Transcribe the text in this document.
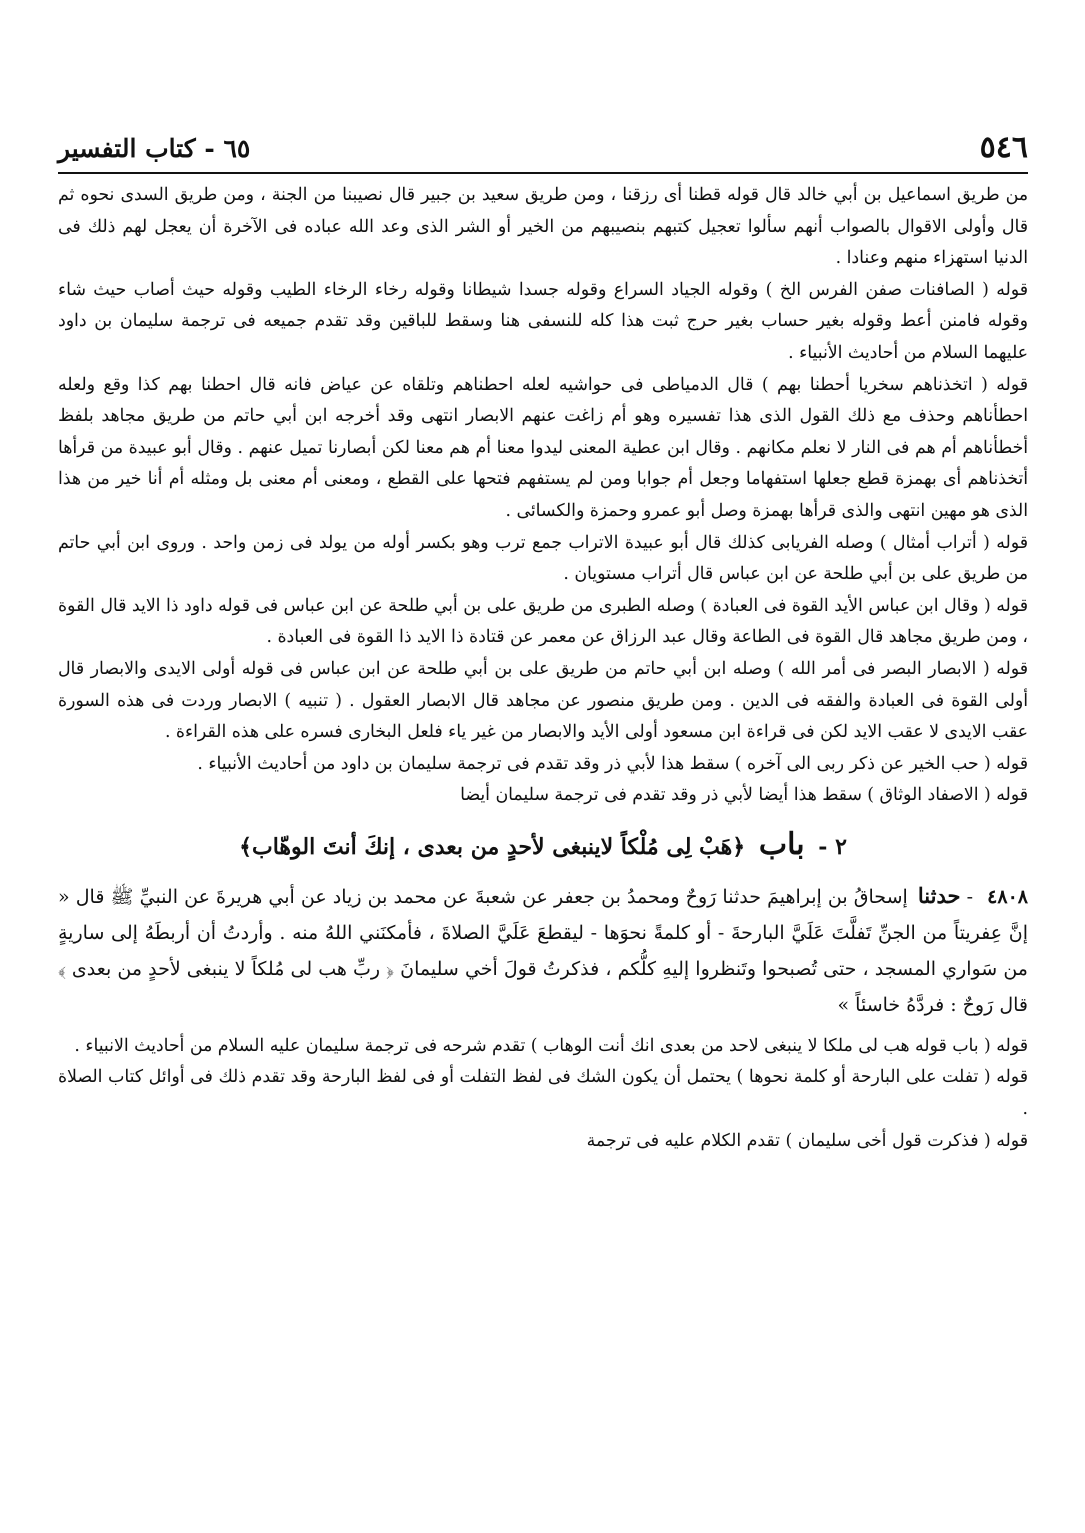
٥٤٦
٦٥ - كتاب التفسير

من طريق اسماعيل بن أبي خالد قال قوله قطنا أى رزقنا ، ومن طريق سعيد بن جبير قال نصيبنا من الجنة ، ومن طريق السدى نحوه ثم قال وأولى الاقوال بالصواب أنهم سألوا تعجيل كتبهم بنصيبهم من الخير أو الشر الذى وعد الله عباده فى الآخرة أن يعجل لهم ذلك فى الدنيا استهزاء منهم وعنادا .

قوله ( الصافنات صفن الفرس الخ ) وقوله الجياد السراع وقوله جسدا شيطانا وقوله رخاء الرخاء الطيب وقوله حيث أصاب حيث شاء وقوله فامنن أعط وقوله بغير حساب بغير حرج ثبت هذا كله للنسفى هنا وسقط للباقين وقد تقدم جميعه فى ترجمة سليمان بن داود عليهما السلام من أحاديث الأنبياء .

قوله ( اتخذناهم سخريا أحطنا بهم ) قال الدمياطى فى حواشيه لعله احطناهم وتلقاه عن عياض فانه قال احطنا بهم كذا وقع ولعله احطأناهم وحذف مع ذلك القول الذى هذا تفسيره وهو أم زاغت عنهم الابصار انتهى وقد أخرجه ابن أبي حاتم من طريق مجاهد بلفظ أخطأناهم أم هم فى النار لا نعلم مكانهم . وقال ابن عطية المعنى ليدوا معنا أم هم معنا لكن أبصارنا تميل عنهم . وقال أبو عبيدة من قرأها أتخذناهم أى بهمزة قطع جعلها استفهاما وجعل أم جوابا ومن لم يستفهم فتحها على القطع ، ومعنى أم معنى بل ومثله أم أنا خير من هذا الذى هو مهين انتهى والذى قرأها بهمزة وصل أبو عمرو وحمزة والكسائى .

قوله ( أتراب أمثال ) وصله الفريابى كذلك قال أبو عبيدة الاتراب جمع ترب وهو بكسر أوله من يولد فى زمن واحد . وروى ابن أبي حاتم من طريق على بن أبي طلحة عن ابن عباس قال أتراب مستويان .

قوله ( وقال ابن عباس الأيد القوة فى العبادة ) وصله الطبرى من طريق على بن أبي طلحة عن ابن عباس فى قوله داود ذا الايد قال القوة ، ومن طريق مجاهد قال القوة فى الطاعة وقال عبد الرزاق عن معمر عن قتادة ذا الايد ذا القوة فى العبادة .

قوله ( الابصار البصر فى أمر الله ) وصله ابن أبي حاتم من طريق على بن أبي طلحة عن ابن عباس فى قوله أولى الايدى والابصار قال أولى القوة فى العبادة والفقه فى الدين . ومن طريق منصور عن مجاهد قال الابصار العقول . ( تنبيه ) الابصار وردت فى هذه السورة عقب الايدى لا عقب الايد لكن فى قراءة ابن مسعود أولى الأيد والابصار من غير ياء فلعل البخارى فسره على هذه القراءة .

قوله ( حب الخير عن ذكر ربى الى آخره ) سقط هذا لأبي ذر وقد تقدم فى ترجمة سليمان بن داود من أحاديث الأنبياء .

قوله ( الاصفاد الوثاق ) سقط هذا أيضا لأبي ذر وقد تقدم فى ترجمة سليمان أيضا

٢ - باب ﴿هَبْ لِى مُلْكاً لاينبغى لأحدٍ من بعدى ، إنكَ أنتَ الوهّاب﴾

٤٨٠٨ - حدثنا إسحاقُ بن إبراهيمَ حدثنا رَوحٌ ومحمدُ بن جعفر عن شعبةَ عن محمد بن زياد عن أبي هريرةَ عن النبيِّ ﷺ قال « إنَّ عِفريتاً من الجنِّ تَفلَّتَ عَلَيَّ البارحةَ - أو كلمةً نحوَها - ليقطعَ عَلَيَّ الصلاةَ ، فأمكنَني اللهُ منه . وأردتُ أن أربطَهُ إلى ساريةٍ من سَواري المسجد ، حتى تُصبحوا وتَنظروا إليهِ كلُّكم ، فذكرتُ قولَ أخي سليمانَ ﴿ ربِّ هب لى مُلكاً لا ينبغى لأحدٍ من بعدى ﴾ قال رَوحٌ : فردَّهُ خاسئاً »

قوله ( باب قوله هب لى ملكا لا ينبغى لاحد من بعدى انك أنت الوهاب ) تقدم شرحه فى ترجمة سليمان عليه السلام من أحاديث الانبياء .

قوله ( تفلت على البارحة أو كلمة نحوها ) يحتمل أن يكون الشك فى لفظ التفلت أو فى لفظ البارحة وقد تقدم ذلك فى أوائل كتاب الصلاة .

قوله ( فذكرت قول أخى سليمان ) تقدم الكلام عليه فى ترجمة
